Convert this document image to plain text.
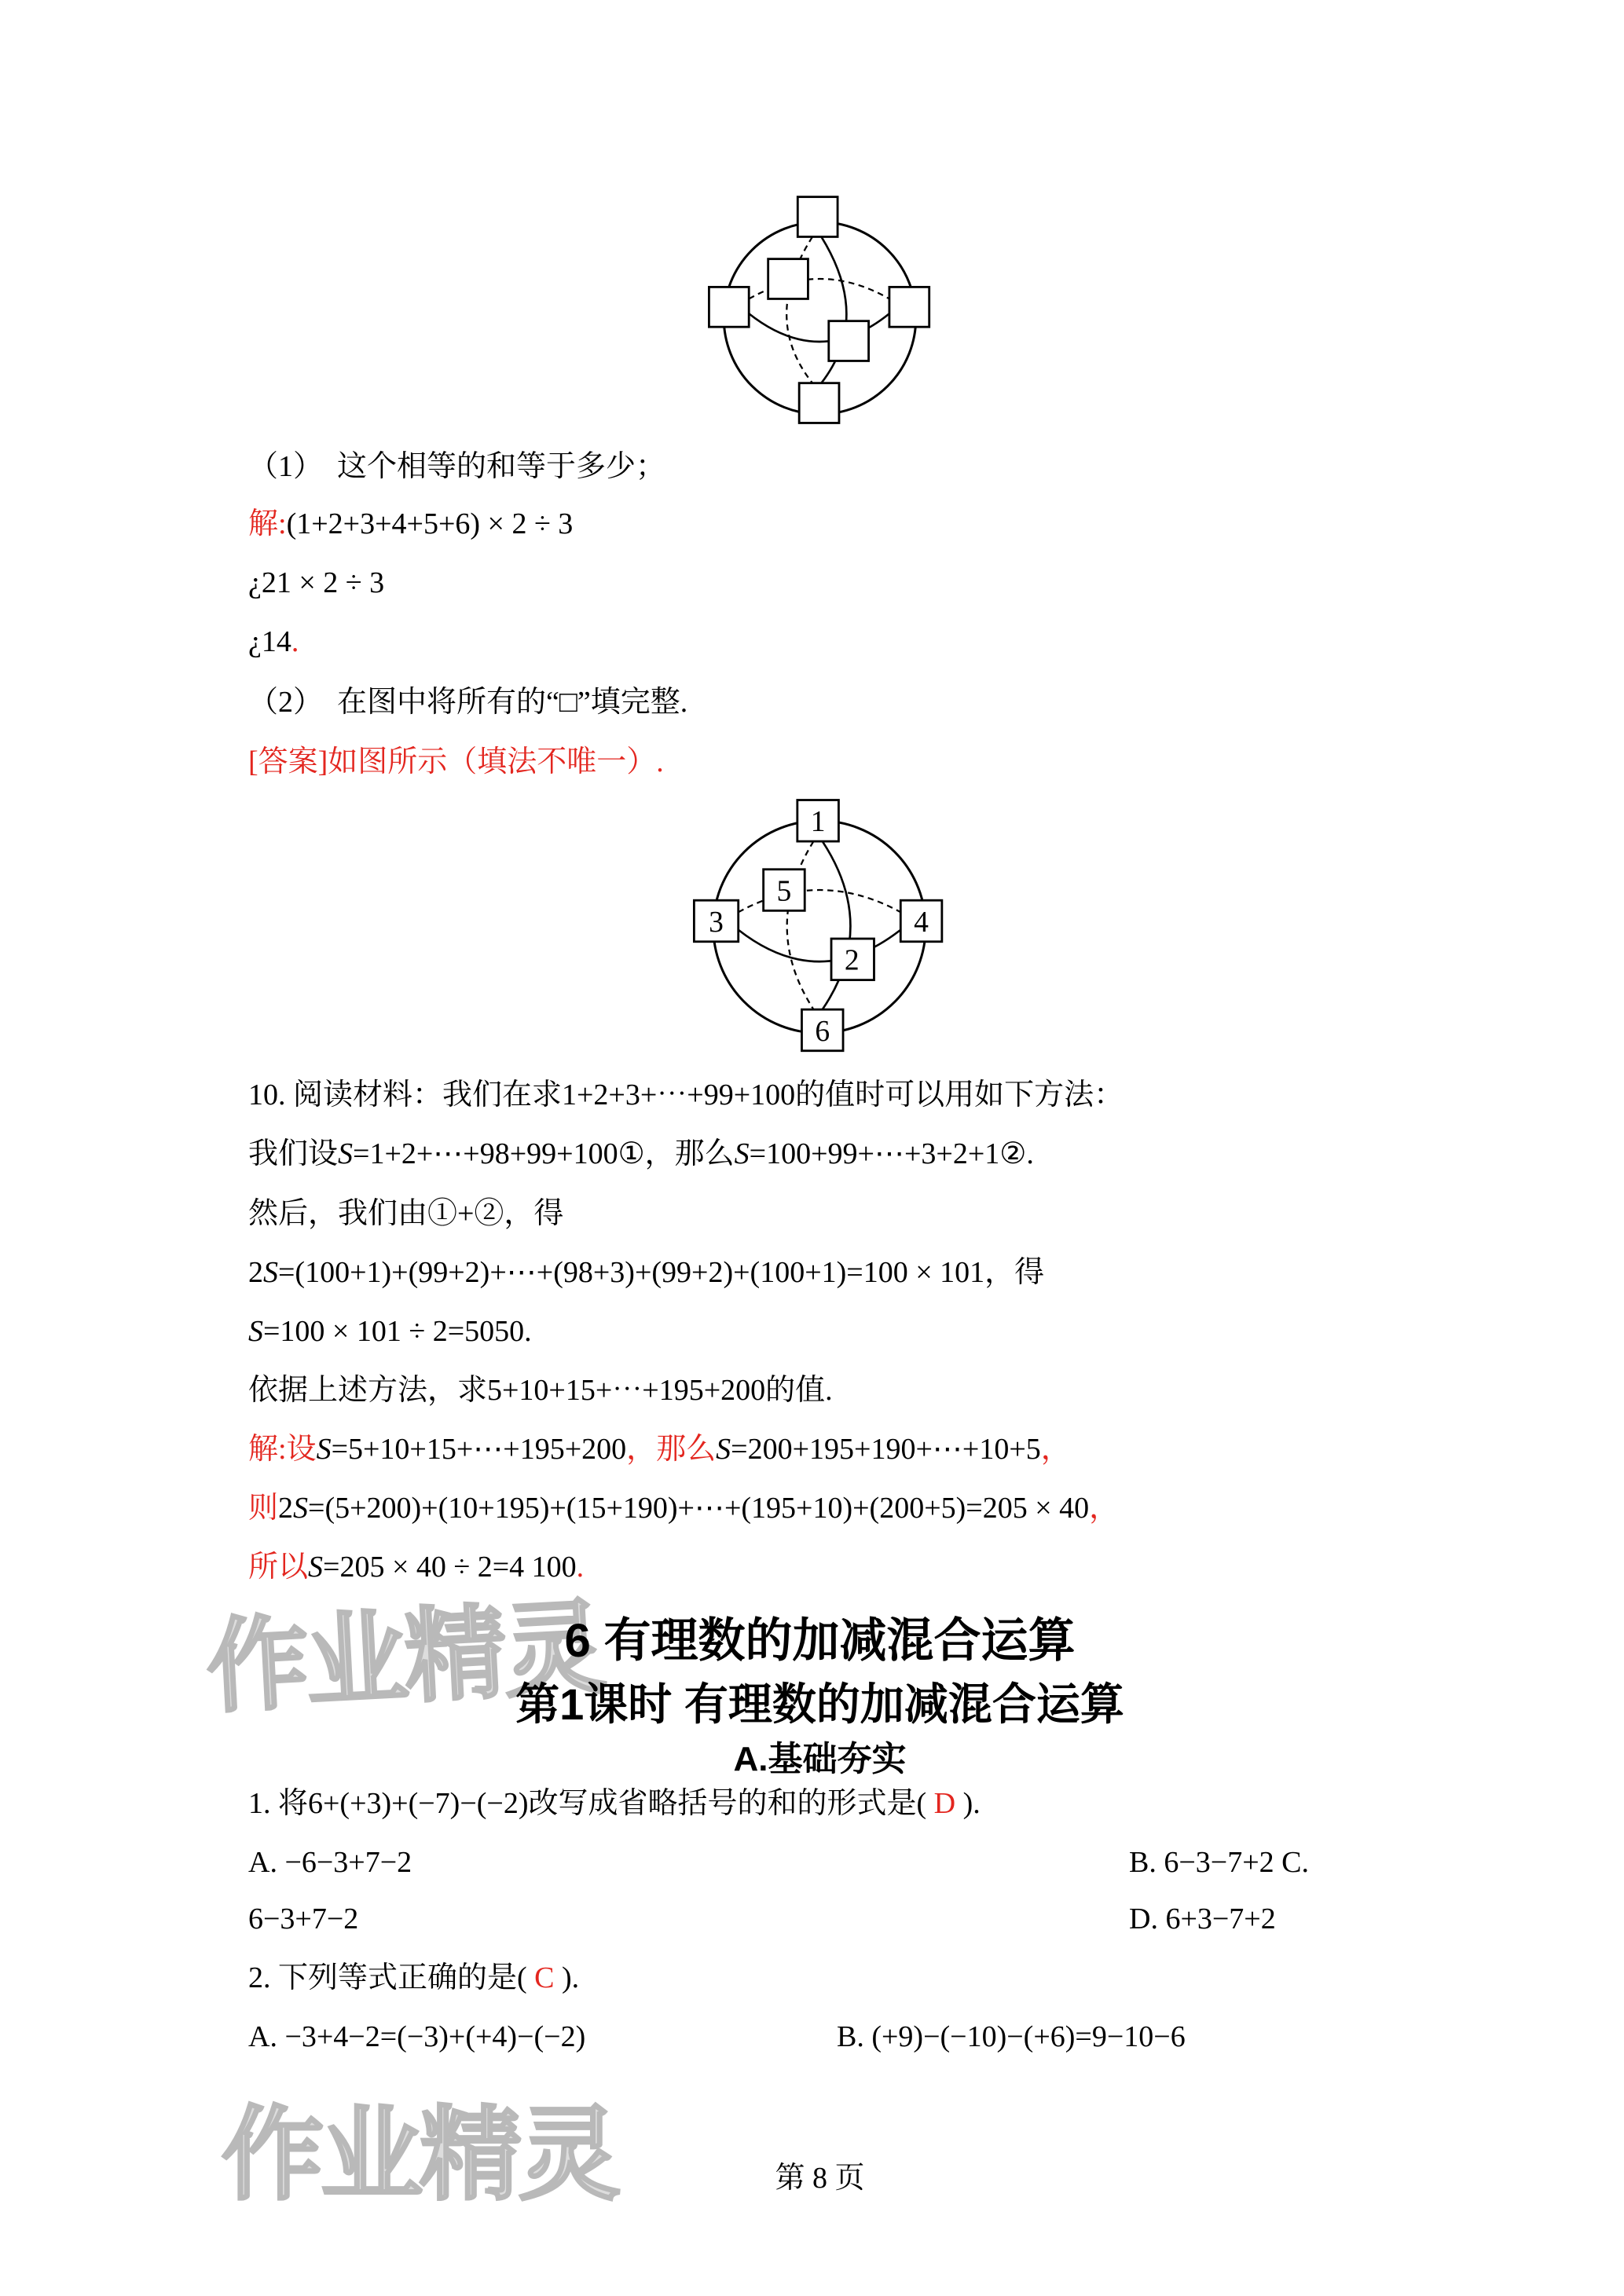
作业精灵
作业精灵
（1） 这个相等的和等于多少；
解:(1+2+3+4+5+6) × 2 ÷ 3
¿21 × 2 ÷ 3
¿14.
（2） 在图中将所有的“□”填完整.
[答案]如图所示（填法不唯一）.
1
5
3	4
2
6
10. 阅读材料：我们在求1+2+3+⋯+99+100的值时可以用如下方法：
我们设S=1+2+⋯+98+99+100①，那么S=100+99+⋯+3+2+1②.
然后，我们由①+②，得
2S=(100+1)+(99+2)+⋯+(98+3)+(99+2)+(100+1)=100 × 101，得
S=100 × 101 ÷ 2=5050.
依据上述方法，求5+10+15+⋯+195+200的值.
解:设S=5+10+15+⋯+195+200，那么S=200+195+190+⋯+10+5，
则2S=(5+200)+(10+195)+(15+190)+⋯+(195+10)+(200+5)=205 × 40，
所以S=205 × 40 ÷ 2=4 100.
6 有理数的加减混合运算
第1课时 有理数的加减混合运算
A.基础夯实
1. 将6+(+3)+(−7)−(−2)改写成省略括号的和的形式是( D ).
A. −6−3+7−2	B. 6−3−7+2 C.
6−3+7−2	D. 6+3−7+2
2. 下列等式正确的是( C ).
A. −3+4−2=(−3)+(+4)−(−2)	B. (+9)−(−10)−(+6)=9−10−6
第 8 页
